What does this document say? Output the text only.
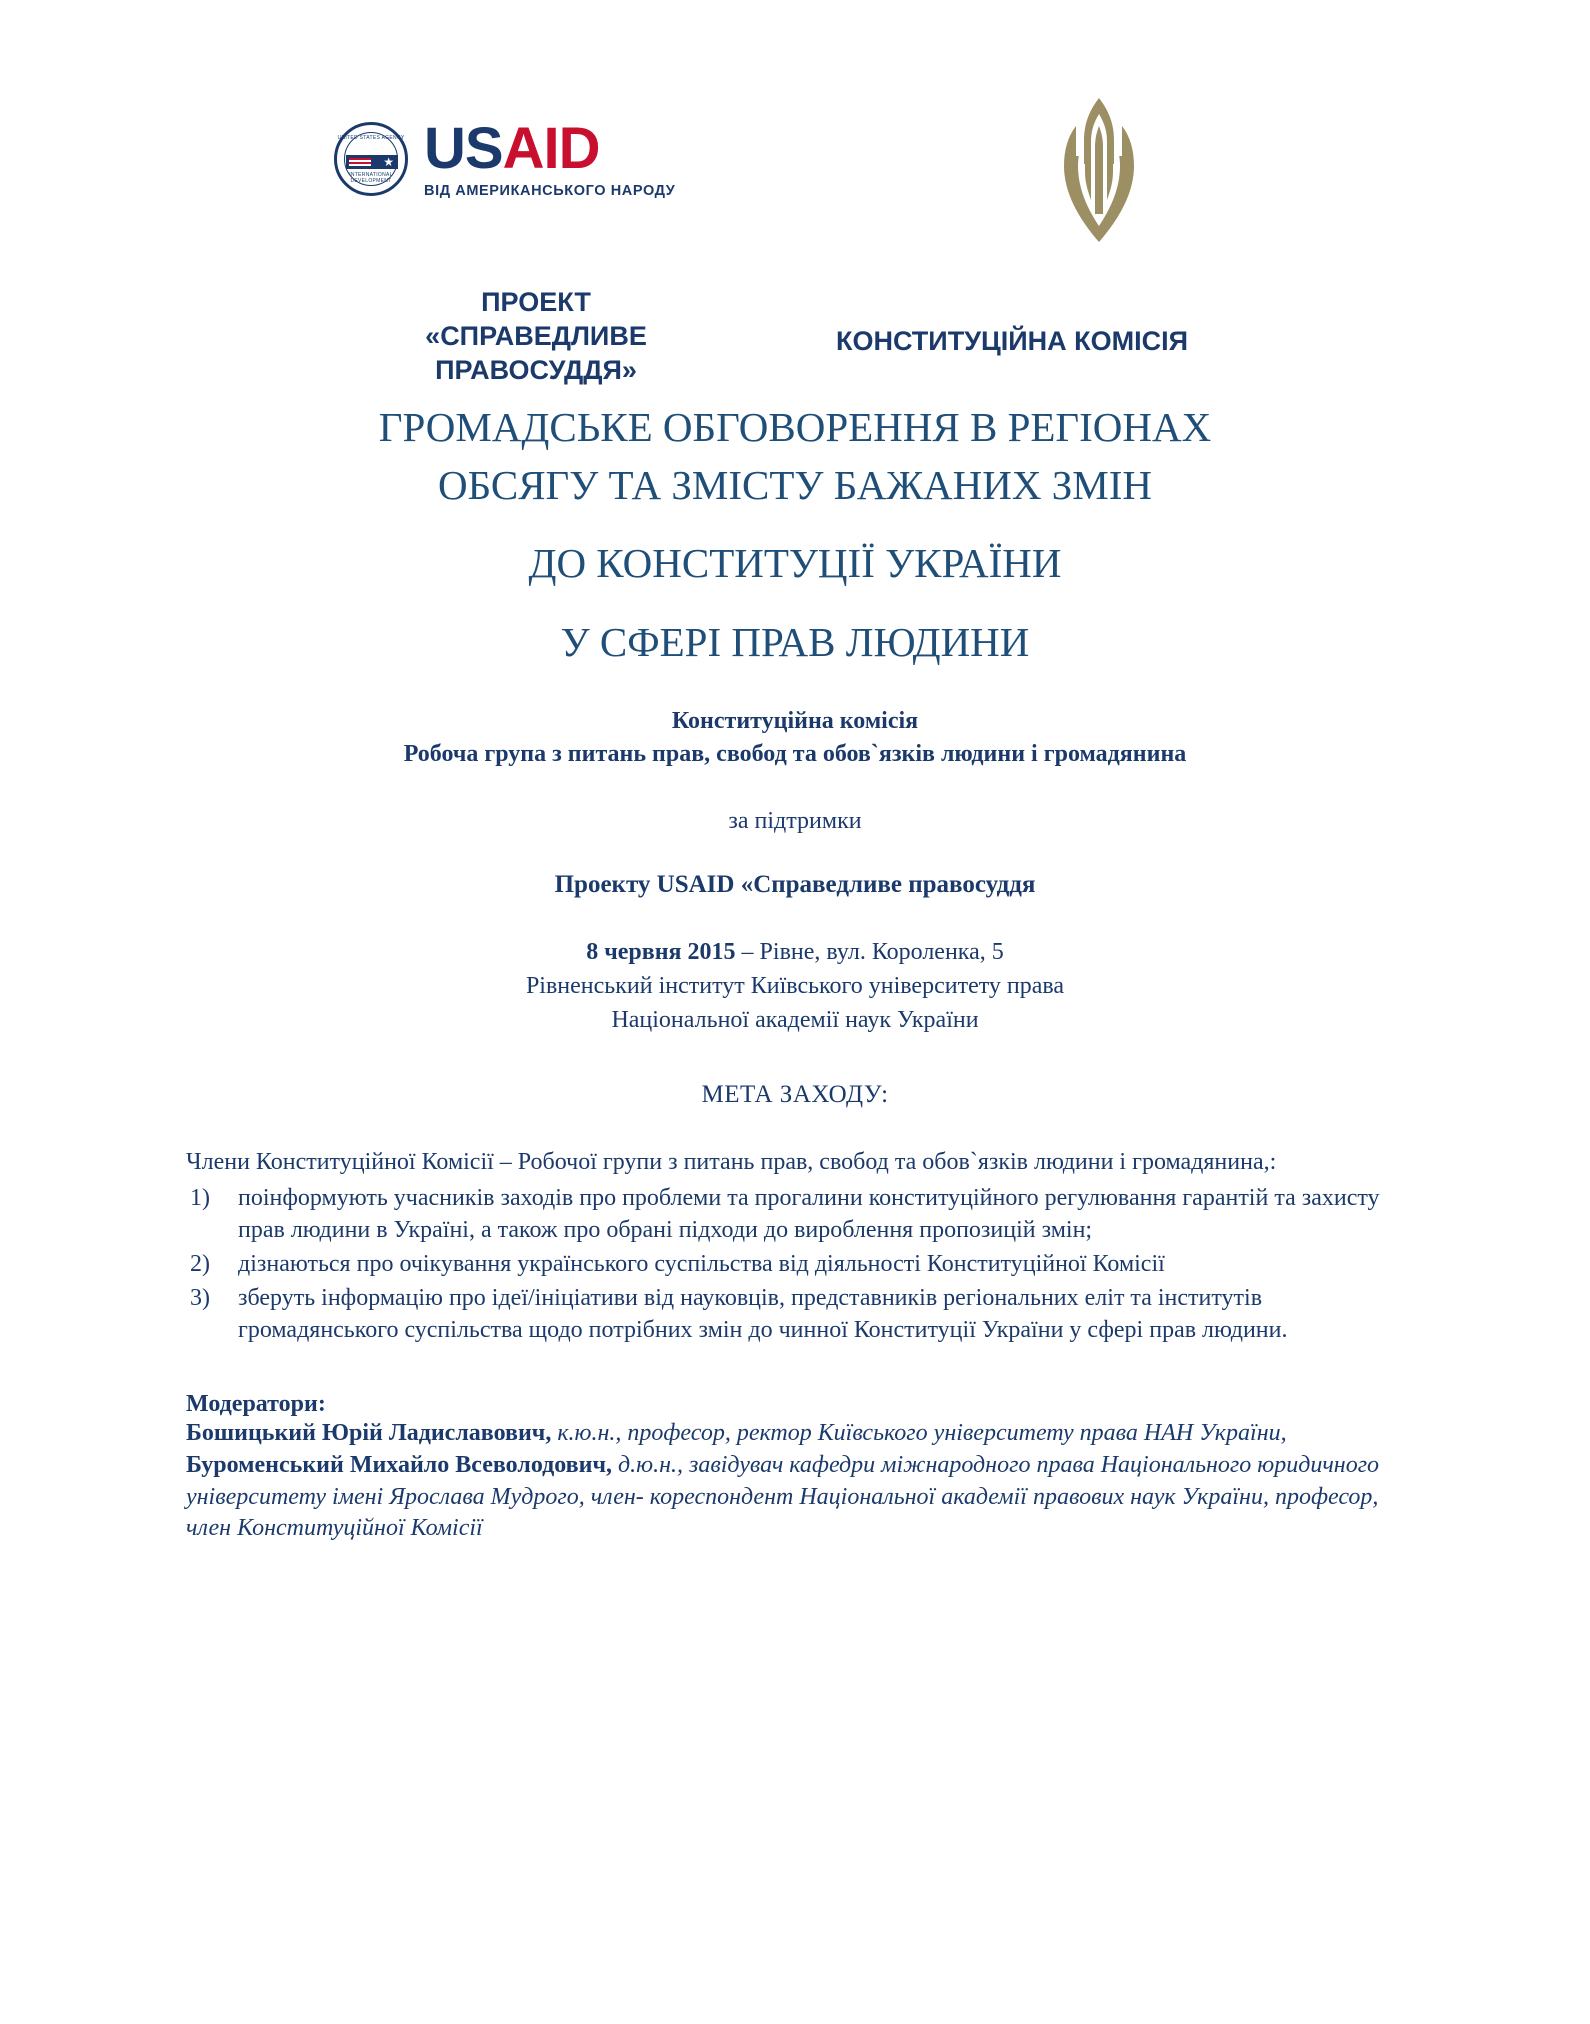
UNITED STATES AGENCY
★
INTERNATIONAL DEVELOPMENT
USAID
ВІД АМЕРИКАНСЬКОГО НАРОДУ
ПРОЕКТ
«СПРАВЕДЛИВЕ ПРАВОСУДДЯ»
КОНСТИТУЦІЙНА КОМІСІЯ
ГРОМАДСЬКЕ ОБГОВОРЕННЯ В РЕГІОНАХ
ОБСЯГУ ТА ЗМІСТУ БАЖАНИХ ЗМІН
ДО КОНСТИТУЦІЇ УКРАЇНИ
У СФЕРІ ПРАВ ЛЮДИНИ
Конституційна комісія
Робоча група з питань прав, свобод та обов`язків людини і громадянина
за підтримки
Проекту USAID «Справедливе правосуддя
8 червня 2015 – Рівне, вул. Короленка, 5
Рівненський інститут Київського університету права
Національної академії наук України
МЕТА ЗАХОДУ:
Члени Конституційної Комісії – Робочої групи з питань прав, свобод та обов`язків людини і громадянина,:
поінформують учасників заходів про проблеми та прогалини конституційного регулювання гарантій та захисту прав людини в Україні, а також про обрані підходи до вироблення пропозицій змін;
дізнаються про очікування українського суспільства від діяльності Конституційної Комісії
зберуть інформацію про ідеї/ініціативи від науковців, представників регіональних еліт та інститутів громадянського суспільства щодо потрібних змін до чинної Конституції України у сфері прав людини.
Модератори:
Бошицький Юрій Ладиславович, к.ю.н., професор, ректор Київського університету права НАН України,
Буроменський Михайло Всеволодович, д.ю.н., завідувач кафедри міжнародного права Національного юридичного університету імені Ярослава Мудрого, член- кореспондент Національної академії правових наук України, професор, член Конституційної Комісії
